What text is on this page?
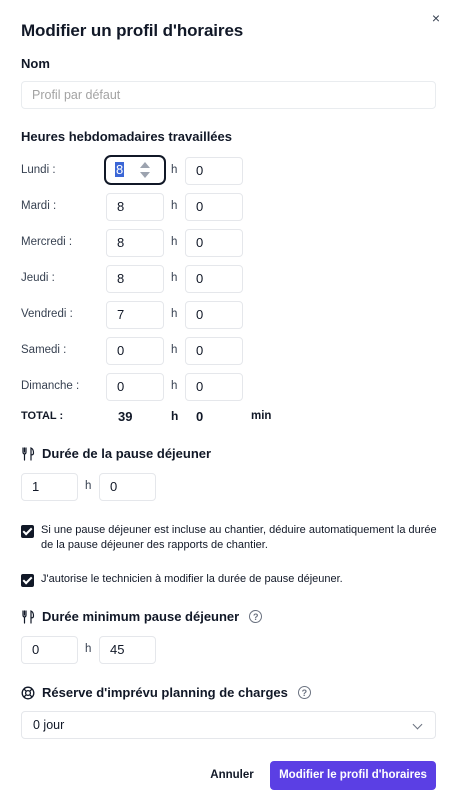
Modifier un profil d'horaires
×
Nom
Profil par défaut
Heures hebdomadaires travaillées
Lundi :	8	h	0
Mardi :	8	h	0
Mercredi :	8	h	0
Jeudi :	8	h	0
Vendredi :	7	h	0
Samedi :	0	h	0
Dimanche :	0	h	0
TOTAL :	39	h 0	min
Durée de la pause déjeuner
1	h	0
Si une pause déjeuner est incluse au chantier, déduire automatiquement la durée de la pause déjeuner des rapports de chantier.
J'autorise le technicien à modifier la durée de pause déjeuner.
Durée minimum pause déjeuner	?
0	h	45
Réserve d'imprévu planning de charges	?
0 jour
Annuler	Modifier le profil d'horaires
